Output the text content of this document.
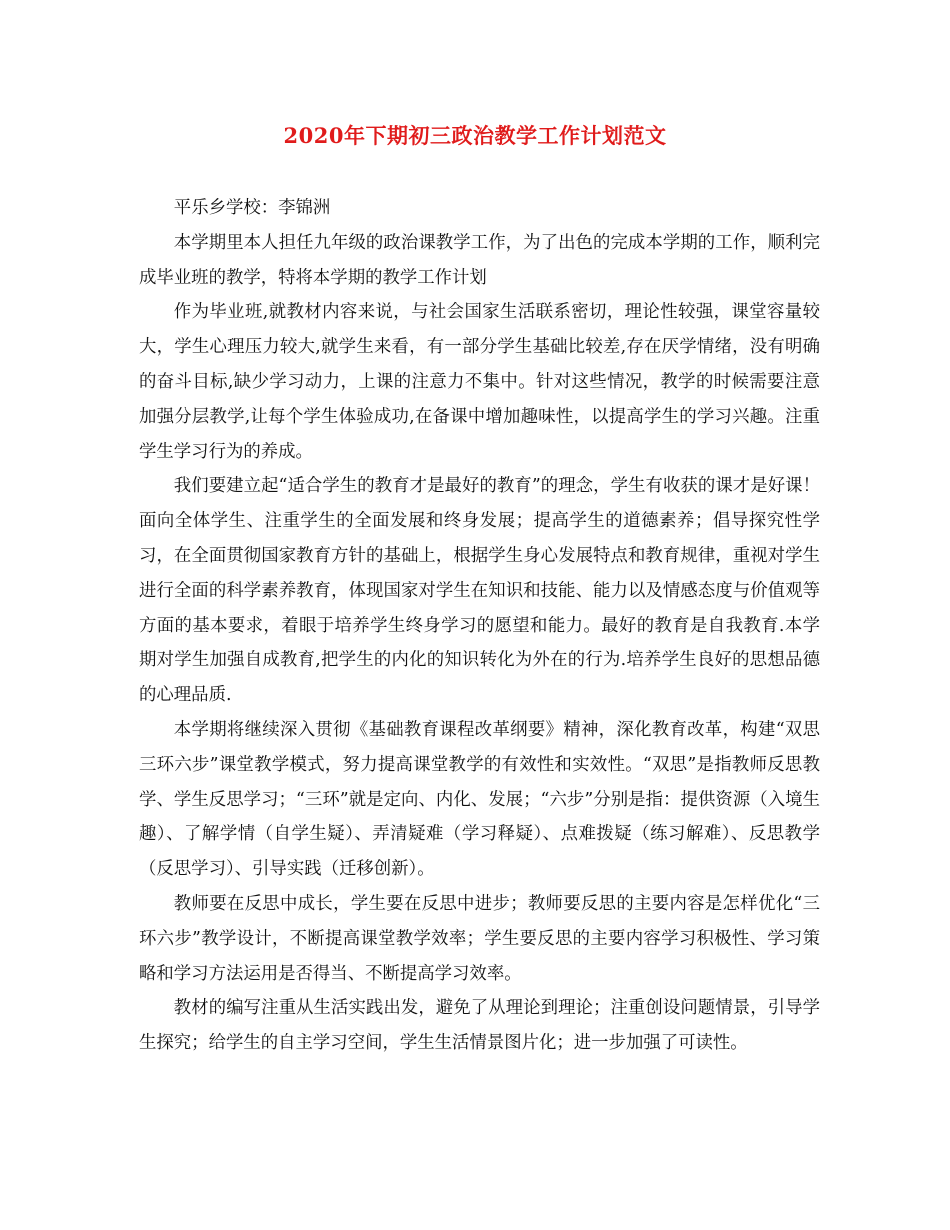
2020年下期初三政治教学工作计划范文

平乐乡学校：李锦洲

本学期里本人担任九年级的政治课教学工作，为了出色的完成本学期的工作，顺利完成毕业班的教学，特将本学期的教学工作计划

作为毕业班,就教材内容来说，与社会国家生活联系密切，理论性较强，课堂容量较大，学生心理压力较大,就学生来看，有一部分学生基础比较差,存在厌学情绪，没有明确的奋斗目标,缺少学习动力，上课的注意力不集中。针对这些情况，教学的时候需要注意加强分层教学,让每个学生体验成功,在备课中增加趣味性，以提高学生的学习兴趣。注重学生学习行为的养成。

我们要建立起“适合学生的教育才是最好的教育”的理念，学生有收获的课才是好课！面向全体学生、注重学生的全面发展和终身发展；提高学生的道德素养；倡导探究性学习，在全面贯彻国家教育方针的基础上，根据学生身心发展特点和教育规律，重视对学生进行全面的科学素养教育，体现国家对学生在知识和技能、能力以及情感态度与价值观等方面的基本要求，着眼于培养学生终身学习的愿望和能力。最好的教育是自我教育.本学期对学生加强自成教育,把学生的内化的知识转化为外在的行为.培养学生良好的思想品德的心理品质.

本学期将继续深入贯彻《基础教育课程改革纲要》精神，深化教育改革，构建“双思三环六步”课堂教学模式，努力提高课堂教学的有效性和实效性。“双思”是指教师反思教学、学生反思学习；“三环”就是定向、内化、发展；“六步”分别是指：提供资源（入境生趣）、了解学情（自学生疑）、弄清疑难（学习释疑）、点难拨疑（练习解难）、反思教学（反思学习）、引导实践（迁移创新）。

教师要在反思中成长，学生要在反思中进步；教师要反思的主要内容是怎样优化“三环六步”教学设计，不断提高课堂教学效率；学生要反思的主要内容学习积极性、学习策略和学习方法运用是否得当、不断提高学习效率。

教材的编写注重从生活实践出发，避免了从理论到理论；注重创设问题情景，引导学生探究；给学生的自主学习空间，学生生活情景图片化；进一步加强了可读性。
